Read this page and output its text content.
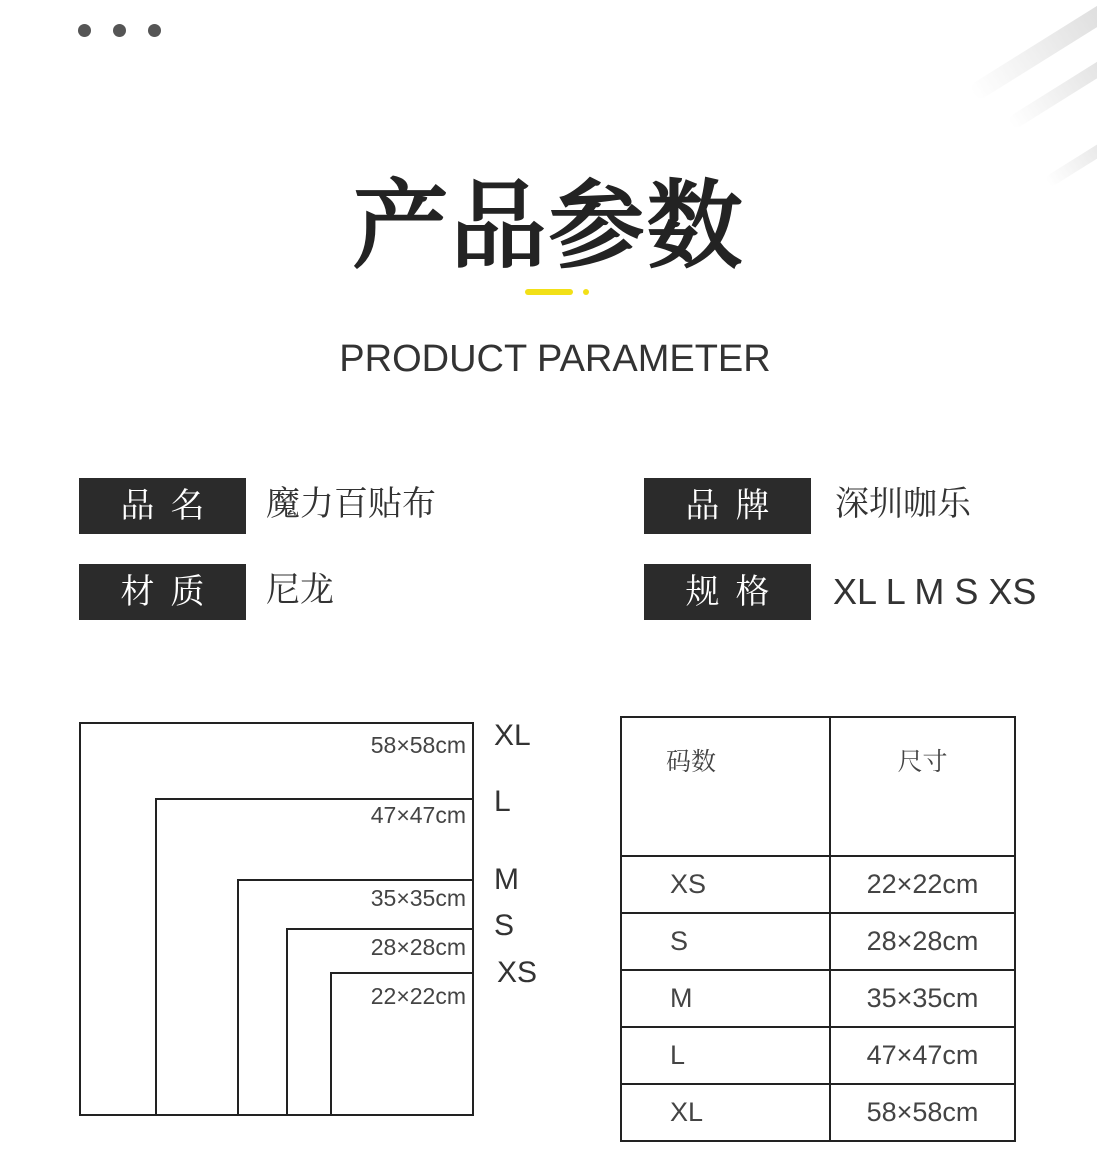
产品参数
PRODUCT PARAMETER
品名	魔力百贴布	品牌	深圳咖乐
材质	尼龙	规格	XL L M S XS
58×58cm
47×47cm
35×35cm
28×28cm
22×22cm
XL
L
M
S
XS
码数	尺寸
XS	22×22cm
S	28×28cm
M	35×35cm
L	47×47cm
XL	58×58cm
